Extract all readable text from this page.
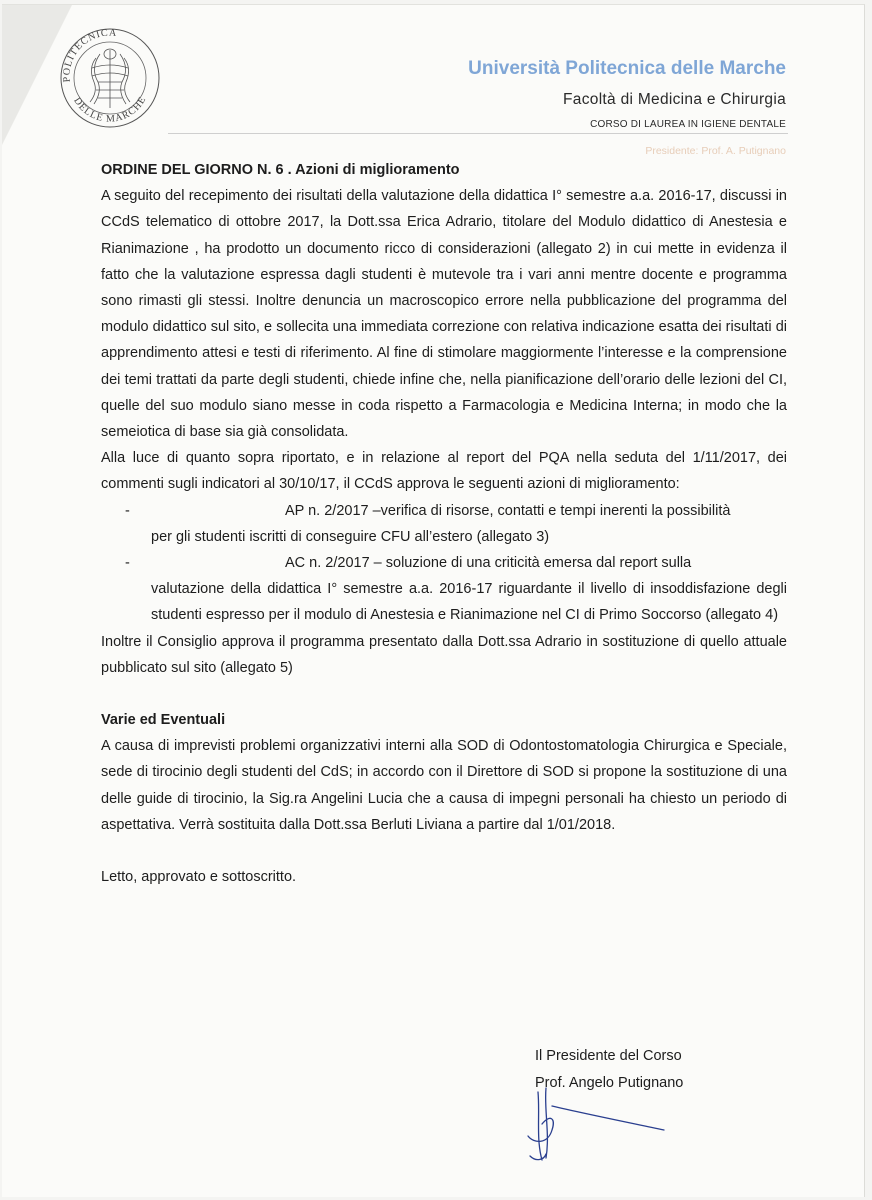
POLITECNICA
DELLE MARCHE
Università Politecnica delle Marche
Facoltà di Medicina e Chirurgia
CORSO DI LAUREA IN IGIENE DENTALE
Presidente: Prof. A. Putignano

ORDINE DEL GIORNO N. 6 . Azioni di miglioramento

A seguito del recepimento dei risultati della valutazione della didattica I° semestre a.a. 2016-17, discussi in CCdS telematico di ottobre 2017, la Dott.ssa Erica Adrario, titolare del Modulo didattico di Anestesia e Rianimazione , ha prodotto un documento ricco di considerazioni (allegato 2) in cui mette in evidenza il fatto che la valutazione espressa dagli studenti è mutevole tra i vari anni mentre docente e programma sono rimasti gli stessi. Inoltre denuncia un macroscopico errore nella pubblicazione del programma del modulo didattico sul sito, e sollecita una immediata correzione con relativa indicazione esatta dei risultati di apprendimento attesi e testi di riferimento. Al fine di stimolare maggiormente l’interesse e la comprensione dei temi trattati da parte degli studenti, chiede infine che, nella pianificazione dell’orario delle lezioni del CI, quelle del suo modulo siano messe in coda rispetto a Farmacologia e Medicina Interna; in modo che la semeiotica di base sia già consolidata.

Alla luce di quanto sopra riportato, e in relazione al report del PQA nella seduta del 1/11/2017, dei commenti sugli indicatori al 30/10/17, il CCdS approva le seguenti azioni di miglioramento:

-	AP n. 2/2017 –verifica di risorse, contatti e tempi inerenti la possibilità
per gli studenti iscritti di conseguire CFU all’estero (allegato 3)
-	AC n. 2/2017 – soluzione di una criticità emersa dal report sulla
valutazione della didattica I° semestre a.a. 2016-17 riguardante il livello di insoddisfazione degli studenti espresso per il modulo di Anestesia e Rianimazione nel CI di Primo Soccorso (allegato 4)

Inoltre il Consiglio approva il programma presentato dalla Dott.ssa Adrario in sostituzione di quello attuale pubblicato sul sito (allegato 5)

Varie ed Eventuali

A causa di imprevisti problemi organizzativi interni alla SOD di Odontostomatologia Chirurgica e Speciale, sede di tirocinio degli studenti del CdS; in accordo con il Direttore di SOD si propone la sostituzione di una delle guide di tirocinio, la Sig.ra Angelini Lucia che a causa di impegni personali ha chiesto un periodo di aspettativa. Verrà sostituita dalla Dott.ssa Berluti Liviana a partire dal 1/01/2018.

Letto, approvato e sottoscritto.

Il Presidente del Corso
Prof. Angelo Putignano
